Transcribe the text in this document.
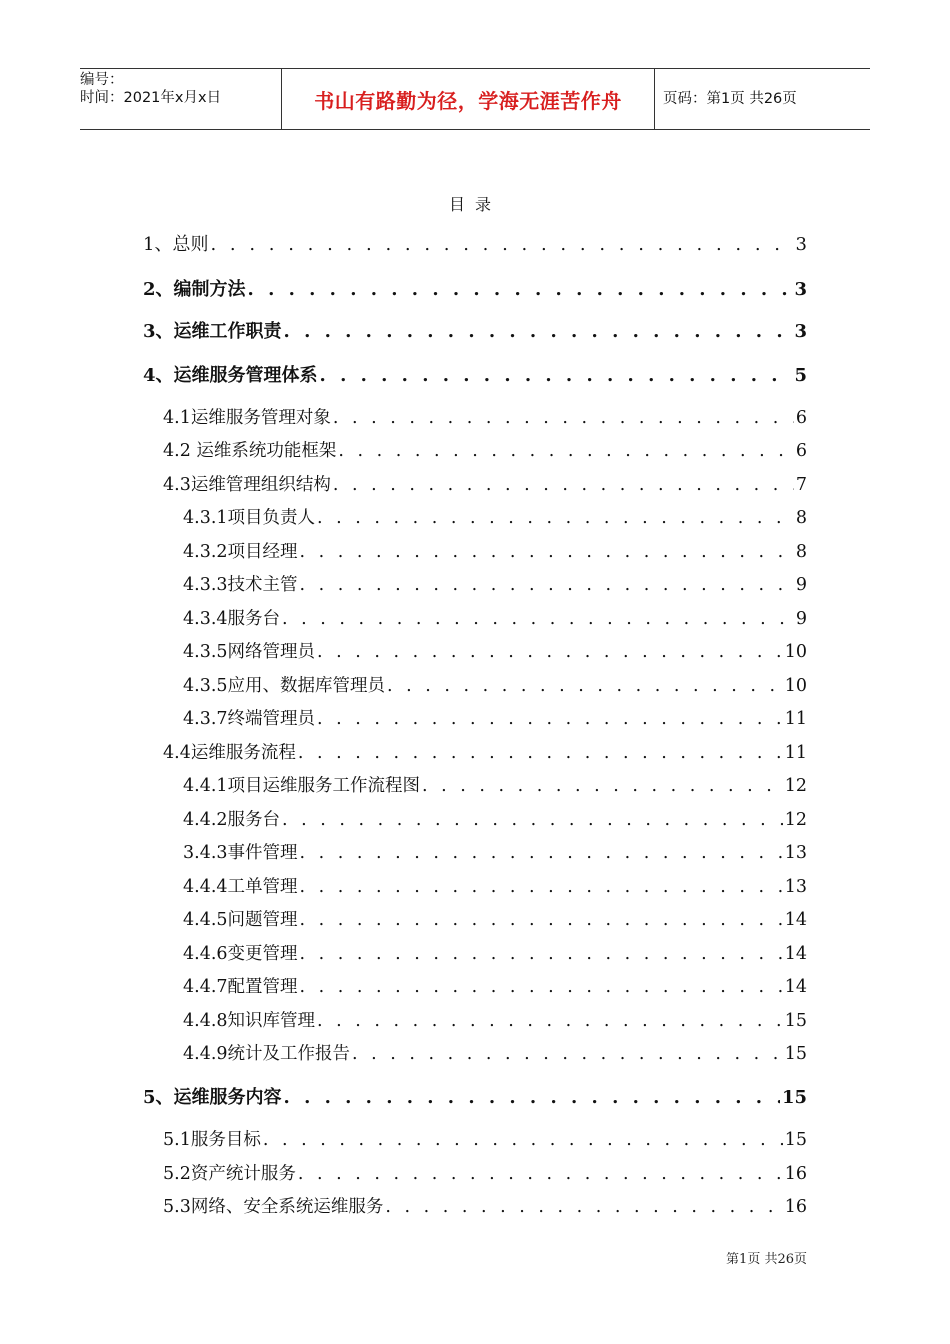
编号：
时间：2021年x月x日	书山有路勤为径，学海无涯苦作舟	页码：第1页 共26页
目录
1、总则 . . .	3
2、编制方法 . . .	3
3、运维工作职责 . . .	3
4、运维服务管理体系 . . .	5
4.1运维服务管理对象 . . .	6
4.2 运维系统功能框架 . . .	6
4.3运维管理组织结构 . . .	7
4.3.1项目负责人 . . .	8
4.3.2项目经理 . . .	8
4.3.3技术主管 . . .	9
4.3.4服务台 . . .	9
4.3.5网络管理员 . . .	10
4.3.5应用、数据库管理员 . . .	10
4.3.7终端管理员 . . .	11
4.4运维服务流程 . . .	11
4.4.1项目运维服务工作流程图 . . .	12
4.4.2服务台 . . .	12
3.4.3事件管理 . . .	13
4.4.4工单管理 . . .	13
4.4.5问题管理 . . .	14
4.4.6变更管理 . . .	14
4.4.7配置管理 . . .	14
4.4.8知识库管理 . . .	15
4.4.9统计及工作报告 . . .	15
5、运维服务内容 . . .	15
5.1服务目标 . . .	15
5.2资产统计服务 . . .	16
5.3网络、安全系统运维服务 . . .	16
第1页 共26页
